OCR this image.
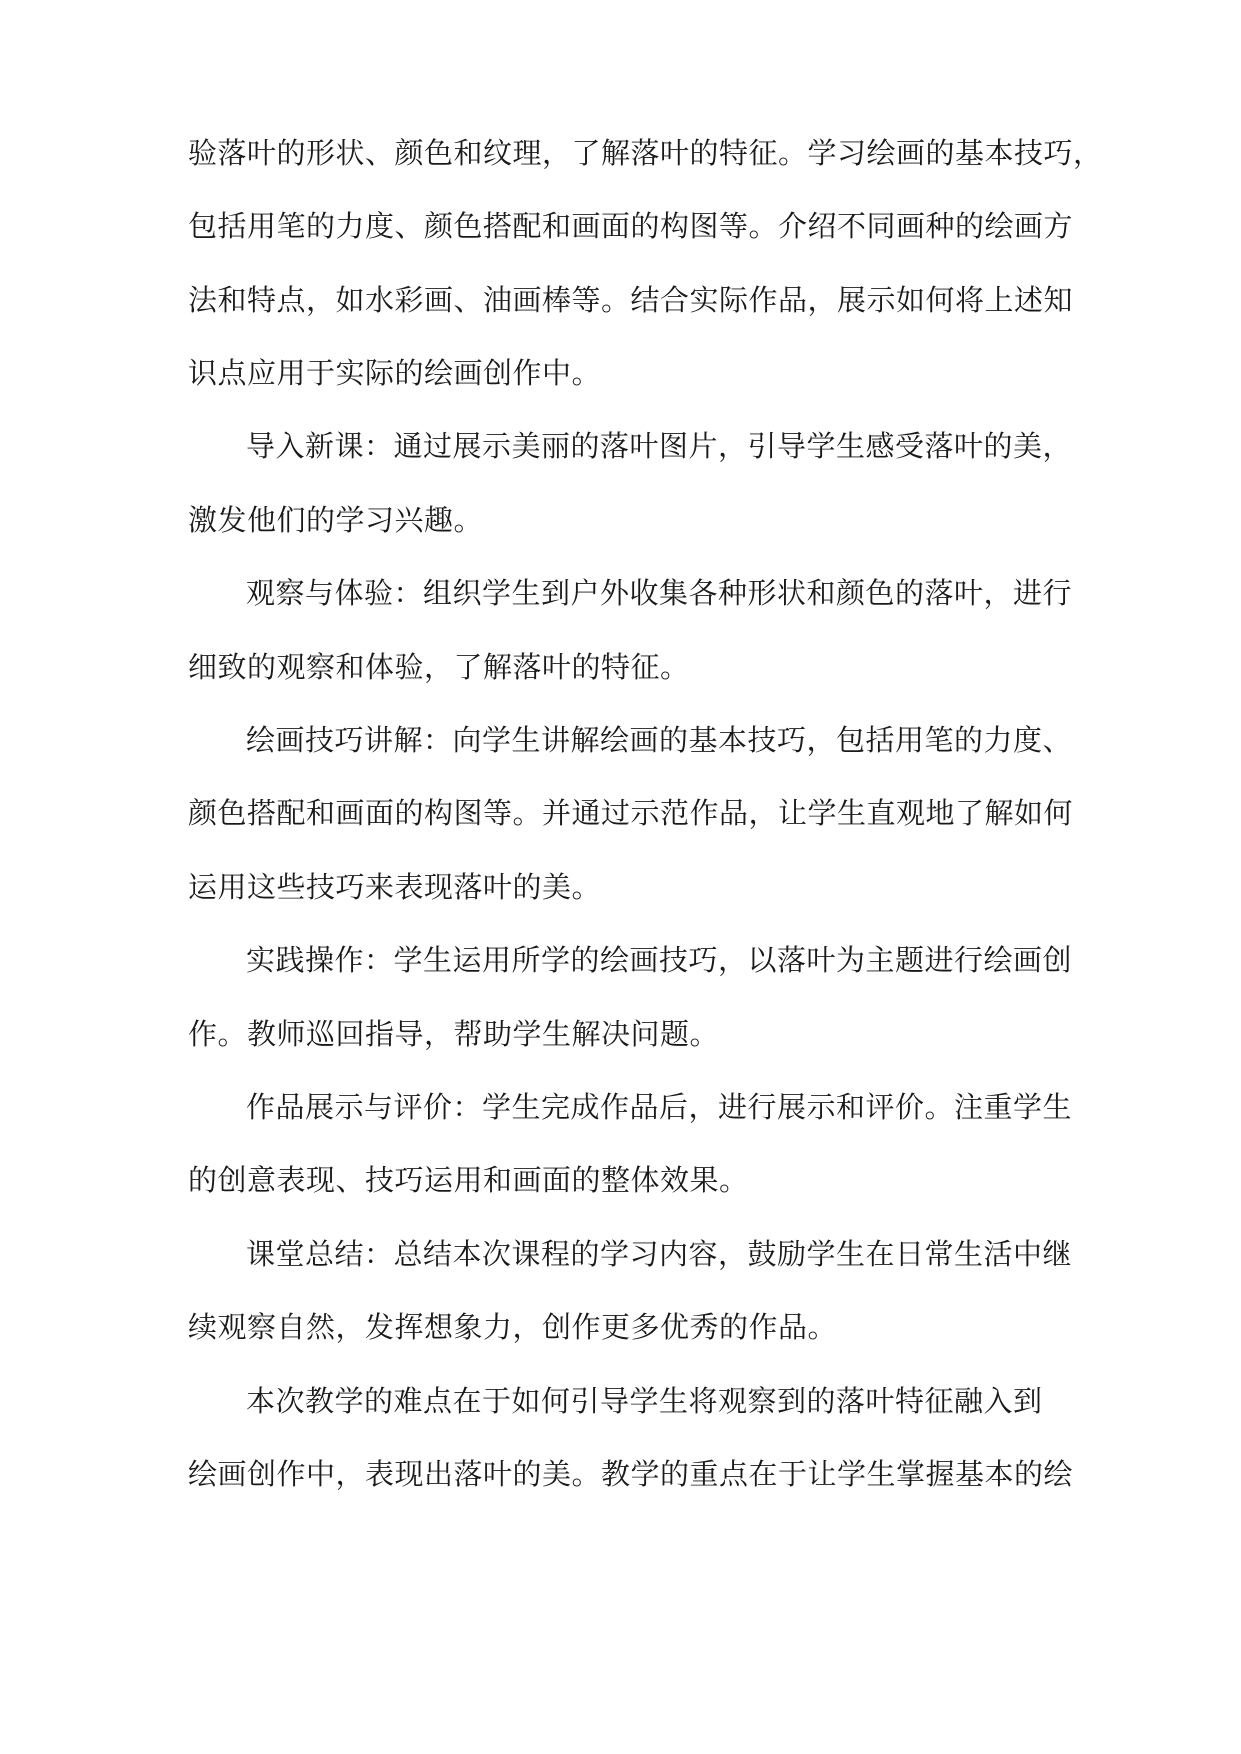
验落叶的形状、颜色和纹理，了解落叶的特征。学习绘画的基本技巧，
包括用笔的力度、颜色搭配和画面的构图等。介绍不同画种的绘画方
法和特点，如水彩画、油画棒等。结合实际作品，展示如何将上述知
识点应用于实际的绘画创作中。
导入新课：通过展示美丽的落叶图片，引导学生感受落叶的美，
激发他们的学习兴趣。
观察与体验：组织学生到户外收集各种形状和颜色的落叶，进行
细致的观察和体验，了解落叶的特征。
绘画技巧讲解：向学生讲解绘画的基本技巧，包括用笔的力度、
颜色搭配和画面的构图等。并通过示范作品，让学生直观地了解如何
运用这些技巧来表现落叶的美。
实践操作：学生运用所学的绘画技巧，以落叶为主题进行绘画创
作。教师巡回指导，帮助学生解决问题。
作品展示与评价：学生完成作品后，进行展示和评价。注重学生
的创意表现、技巧运用和画面的整体效果。
课堂总结：总结本次课程的学习内容，鼓励学生在日常生活中继
续观察自然，发挥想象力，创作更多优秀的作品。
本次教学的难点在于如何引导学生将观察到的落叶特征融入到
绘画创作中，表现出落叶的美。教学的重点在于让学生掌握基本的绘
